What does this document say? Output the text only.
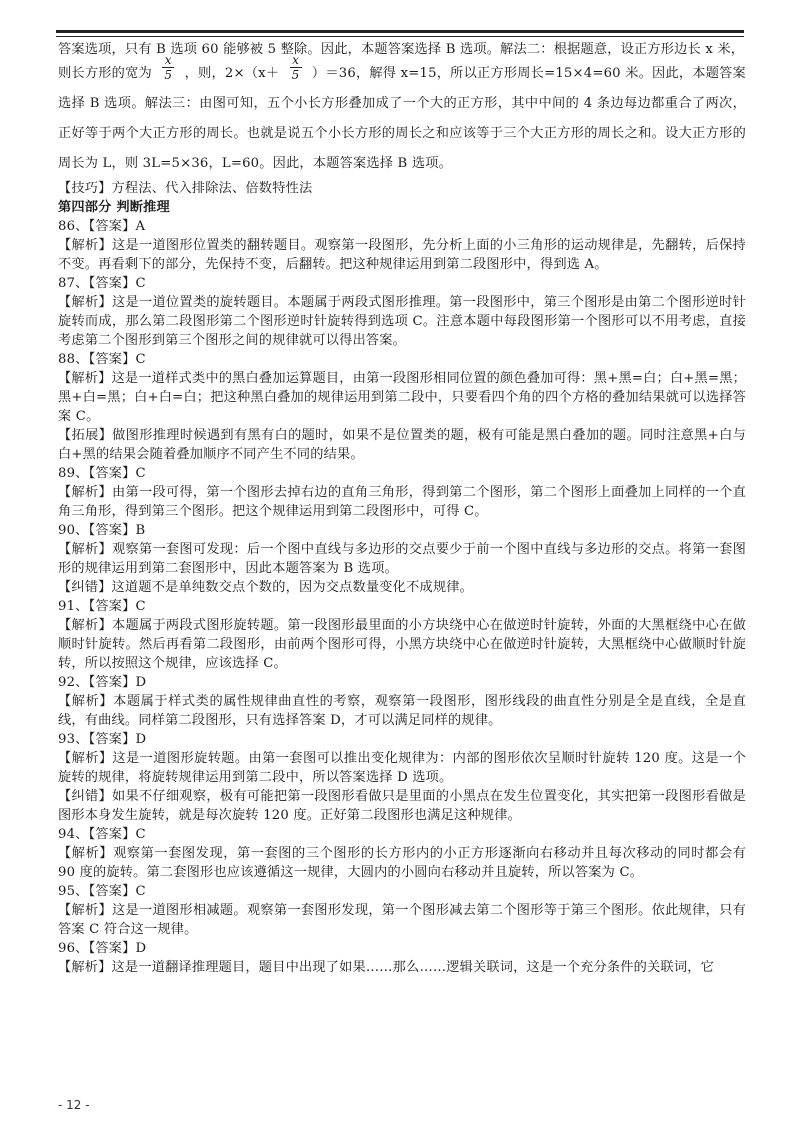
答案选项，只有 B 选项 60 能够被 5 整除。因此，本题答案选择 B 选项。解法二：根据题意，设正方形边长 x 米，

则长方形的宽为 $\frac{x}{5}$ ，则，$2\times(x+ \frac{x}{5} )=36$，解得 x=15，所以正方形周长=15×4=60 米。因此，本题答案选择 B 选项。解法三：由图可知，五个小长方形叠加成了一个大的正方形，其中中间的 4 条边每边都重合了两次，正好等于两个大正方形的周长。也就是说五个小长方形的周长之和应该等于三个大正方形的周长之和。设大正方形的周长为 L，则 3L=5×36，L=60。因此，本题答案选择 B 选项。

【技巧】方程法、代入排除法、倍数特性法

第四部分 判断推理

86、【答案】A

【解析】这是一道图形位置类的翻转题目。观察第一段图形，先分析上面的小三角形的运动规律是，先翻转，后保持不变。再看剩下的部分，先保持不变，后翻转。把这种规律运用到第二段图形中，得到选 A。

87、【答案】C

【解析】这是一道位置类的旋转题目。本题属于两段式图形推理。第一段图形中，第三个图形是由第二个图形逆时针旋转而成，那么第二段图形第二个图形逆时针旋转得到选项 C。注意本题中每段图形第一个图形可以不用考虑，直接考虑第二个图形到第三个图形之间的规律就可以得出答案。

88、【答案】C

【解析】这是一道样式类中的黑白叠加运算题目，由第一段图形相同位置的颜色叠加可得：黑+黑=白；白+黑=黑；黑+白=黑；白+白=白；把这种黑白叠加的规律运用到第二段中，只要看四个角的四个方格的叠加结果就可以选择答案 C。

【拓展】做图形推理时候遇到有黑有白的题时，如果不是位置类的题，极有可能是黑白叠加的题。同时注意黑+白与白+黑的结果会随着叠加顺序不同产生不同的结果。

89、【答案】C

【解析】由第一段可得，第一个图形去掉右边的直角三角形，得到第二个图形，第二个图形上面叠加上同样的一个直角三角形，得到第三个图形。把这个规律运用到第二段图形中，可得 C。

90、【答案】B

【解析】观察第一套图可发现：后一个图中直线与多边形的交点要少于前一个图中直线与多边形的交点。将第一套图形的规律运用到第二套图形中，因此本题答案为 B 选项。

【纠错】这道题不是单纯数交点个数的，因为交点数量变化不成规律。

91、【答案】C

【解析】本题属于两段式图形旋转题。第一段图形最里面的小方块绕中心在做逆时针旋转，外面的大黑框绕中心在做顺时针旋转。然后再看第二段图形，由前两个图形可得，小黑方块绕中心在做逆时针旋转，大黑框绕中心做顺时针旋转，所以按照这个规律，应该选择 C。

92、【答案】D

【解析】本题属于样式类的属性规律曲直性的考察，观察第一段图形，图形线段的曲直性分别是全是直线，全是直线，有曲线。同样第二段图形，只有选择答案 D，才可以满足同样的规律。

93、【答案】D

【解析】这是一道图形旋转题。由第一套图可以推出变化规律为：内部的图形依次呈顺时针旋转 120 度。这是一个旋转的规律，将旋转规律运用到第二段中，所以答案选择 D 选项。

【纠错】如果不仔细观察，极有可能把第一段图形看做只是里面的小黑点在发生位置变化，其实把第一段图形看做是图形本身发生旋转，就是每次旋转 120 度。正好第二段图形也满足这种规律。

94、【答案】C

【解析】观察第一套图发现，第一套图的三个图形的长方形内的小正方形逐渐向右移动并且每次移动的同时都会有 90 度的旋转。第二套图形也应该遵循这一规律，大圆内的小圆向右移动并且旋转，所以答案为 C。

95、【答案】C

【解析】这是一道图形相减题。观察第一套图形发现，第一个图形减去第二个图形等于第三个图形。依此规律，只有答案 C 符合这一规律。

96、【答案】D

【解析】这是一道翻译推理题目，题目中出现了如果……那么……逻辑关联词，这是一个充分条件的关联词，它

- 12 -
